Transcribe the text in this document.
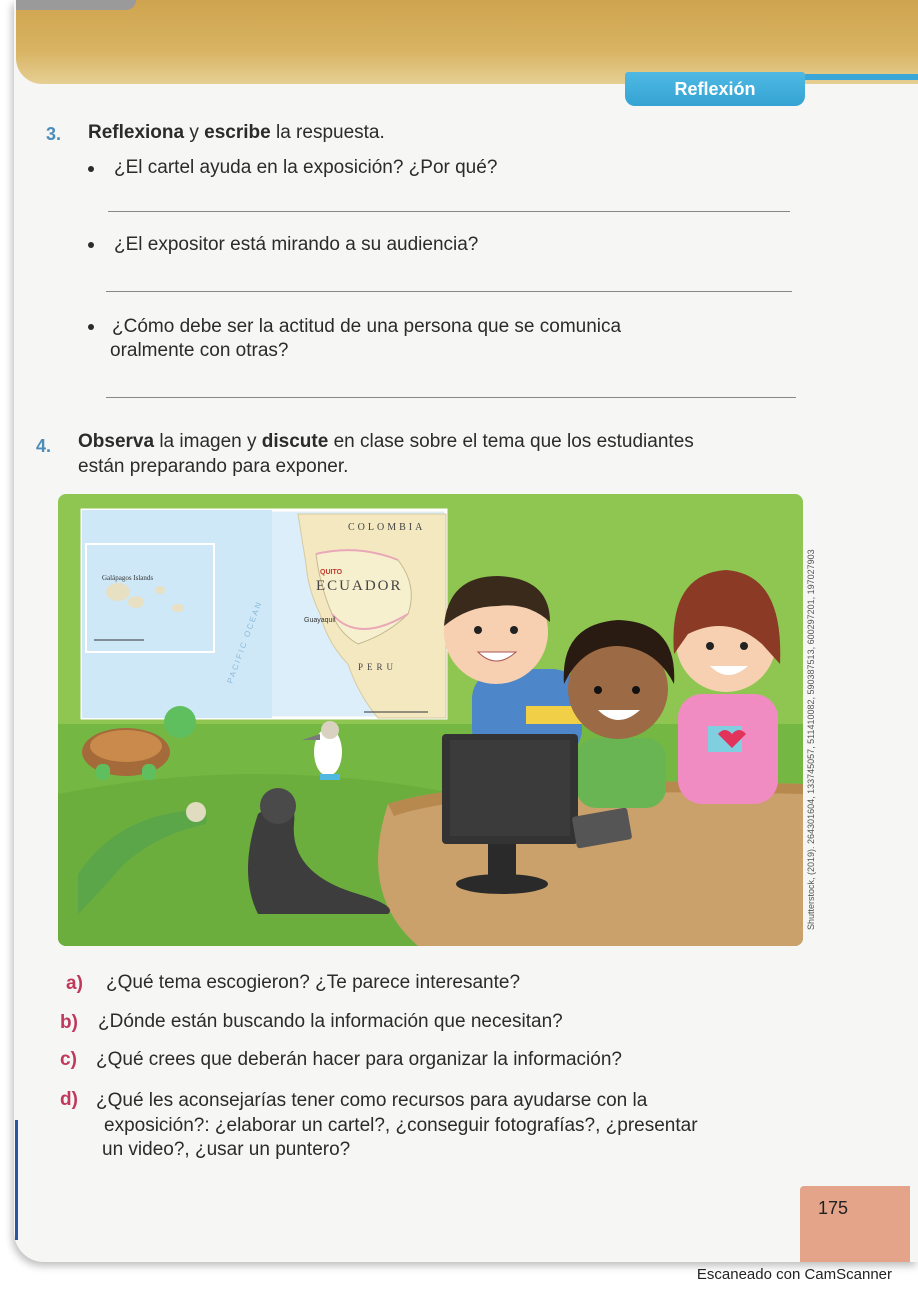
Reflexión
3. Reflexiona y escribe la respuesta.
¿El cartel ayuda en la exposición? ¿Por qué?
¿El expositor está mirando a su audiencia?
¿Cómo debe ser la actitud de una persona que se comunica
oralmente con otras?
4. Observa la imagen y discute en clase sobre el tema que los estudiantes
están preparando para exponer.
COLOMBIA
ECUADOR
PERU
QUITO
Guayaquil
Galápagos Islands
PACIFIC OCEAN	Shutterstock, (2019). 264301604, 133745057, 511410082, 590387513, 600297201, 197027903
a) ¿Qué tema escogieron? ¿Te parece interesante?
b) ¿Dónde están buscando la información que necesitan?
c) ¿Qué crees que deberán hacer para organizar la información?
d) ¿Qué les aconsejarías tener como recursos para ayudarse con la
exposición?: ¿elaborar un cartel?, ¿conseguir fotografías?, ¿presentar
un video?, ¿usar un puntero?
175
Escaneado con CamScanner
